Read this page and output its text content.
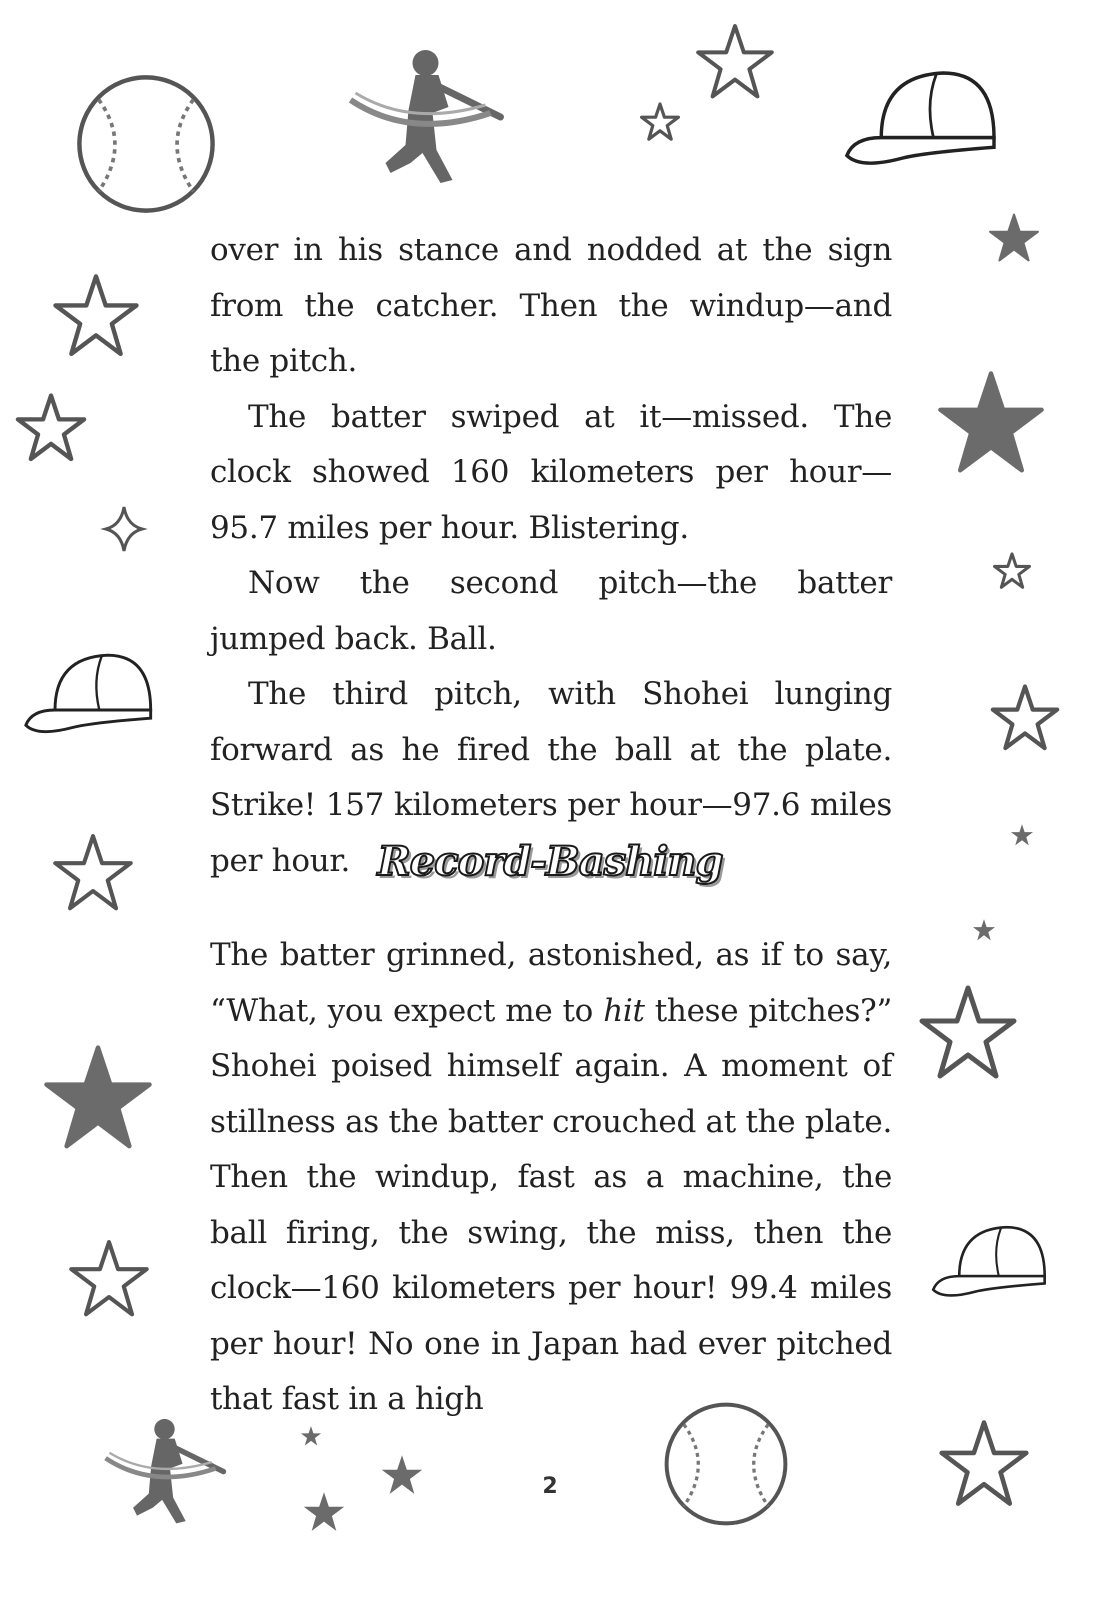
over in his stance and nodded at the sign from the catcher. Then the windup—and the pitch.

The batter swiped at it—missed. The clock showed 160 kilometers per hour—95.7 miles per hour. Blistering.

Now the second pitch—the batter jumped back. Ball.

The third pitch, with Shohei lunging forward as he fired the ball at the plate. Strike! 157 kilometers per hour—97.6 miles per hour. Record-Bashing

The batter grinned, astonished, as if to say, “What, you expect me to hit these pitches?” Shohei poised himself again. A moment of stillness as the batter crouched at the plate. Then the windup, fast as a machine, the ball firing, the swing, the miss, then the clock—160 kilometers per hour! 99.4 miles per hour! No one in Japan had ever pitched that fast in a high

2
